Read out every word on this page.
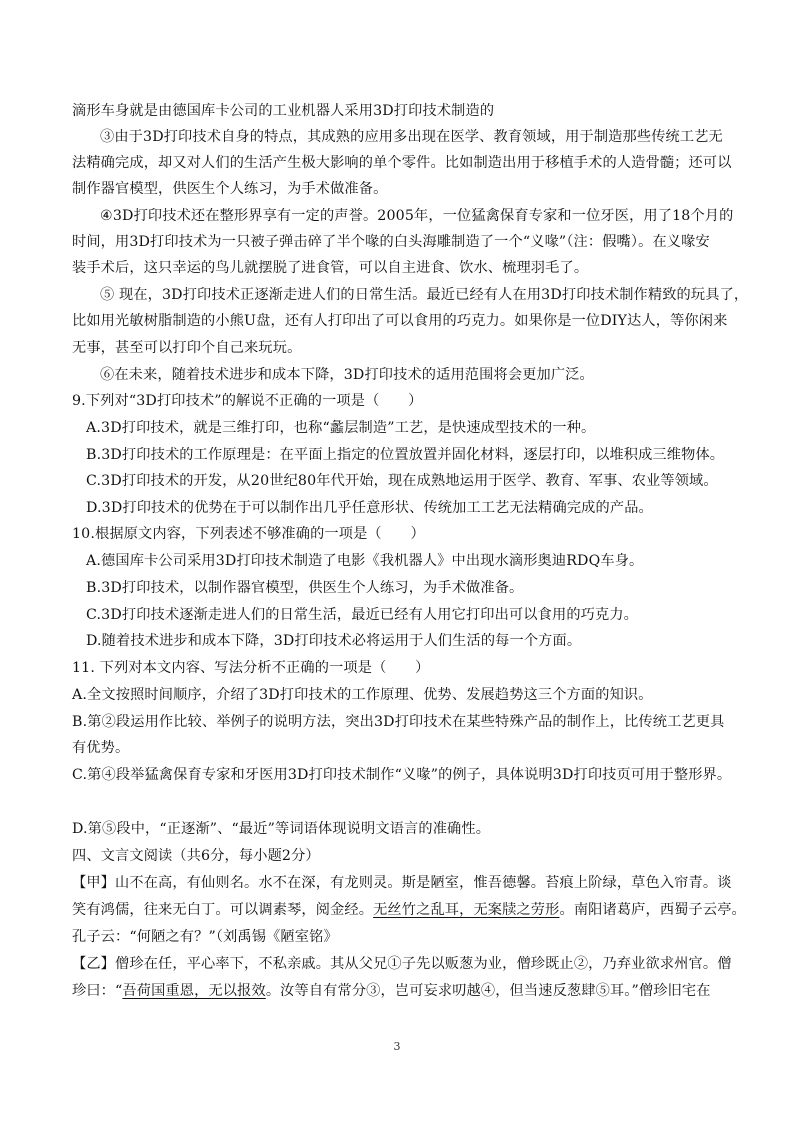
滴形车身就是由德国库卡公司的工业机器人采用3D打印技术制造的
③由于3D打印技术自身的特点，其成熟的应用多出现在医学、教育领域，用于制造那些传统工艺无
法精确完成，却又对人们的生活产生极大影响的单个零件。比如制造出用于移植手术的人造骨髓；还可以
制作器官模型，供医生个人练习，为手术做准备。
④3D打印技术还在整形界享有一定的声誉。2005年，一位猛禽保育专家和一位牙医，用了18个月的
时间，用3D打印技术为一只被子弹击碎了半个喙的白头海雕制造了一个“义喙”（注：假嘴）。在义喙安
装手术后，这只幸运的鸟儿就摆脱了进食管，可以自主进食、饮水、梳理羽毛了。
⑤ 现在，3D打印技术正逐渐走进人们的日常生活。最近已经有人在用3D打印技术制作精致的玩具了，
比如用光敏树脂制造的小熊U盘，还有人打印出了可以食用的巧克力。如果你是一位DIY达人，等你闲来
无事，甚至可以打印个自己来玩玩。
⑥在未来，随着技术进步和成本下降，3D打印技术的适用范围将会更加广泛。
9.下列对“3D打印技术”的解说不正确的一项是（　　）
A.3D打印技术，就是三维打印，也称“蠡层制造”工艺，是快速成型技术的一种。
B.3D打印技术的工作原理是：在平面上指定的位置放置并固化材料，逐层打印，以堆积成三维物体。
C.3D打印技术的开发，从20世纪80年代开始，现在成熟地运用于医学、教育、军事、农业等领域。
D.3D打印技术的优势在于可以制作出几乎任意形状、传统加工工艺无法精确完成的产品。
10.根据原文内容，下列表述不够准确的一项是（　　）
A.德国库卡公司采用3D打印技术制造了电影《我机器人》中出现水滴形奥迪RDQ车身。
B.3D打印技术，以制作器官模型，供医生个人练习，为手术做准备。
C.3D打印技术逐渐走进人们的日常生活，最近已经有人用它打印出可以食用的巧克力。
D.随着技术进步和成本下降，3D打印技术必将运用于人们生活的每一个方面。
11. 下列对本文内容、写法分析不正确的一项是（　　）
A.全文按照时间顺序，介绍了3D打印技术的工作原理、优势、发展趋势这三个方面的知识。
B.第②段运用作比较、举例子的说明方法，突出3D打印技术在某些特殊产品的制作上，比传统工艺更具
有优势。
C.第④段举猛禽保育专家和牙医用3D打印技术制作“义喙”的例子，具体说明3D打印技页可用于整形界。
D.第⑤段中，“正逐渐”、“最近”等词语体现说明文语言的准确性。
四、文言文阅读（共6分，每小题2分）
【甲】山不在高，有仙则名。水不在深，有龙则灵。斯是陋室，惟吾德馨。苔痕上阶绿，草色入帘青。谈
笑有鸿儒，往来无白丁。可以调素琴，阅金经。无丝竹之乱耳，无案牍之劳形。南阳诸葛庐，西蜀子云亭。
孔子云：“何陋之有？”（刘禹锡《陋室铭》
【乙】僧珍在任，平心率下，不私亲戚。其从父兄①子先以贩葱为业，僧珍既止②，乃弃业欲求州官。僧
珍曰：“吾荷国重恩，无以报效。汝等自有常分③，岂可妄求叨越④，但当速反葱肆⑤耳。”僧珍旧宅在
3
